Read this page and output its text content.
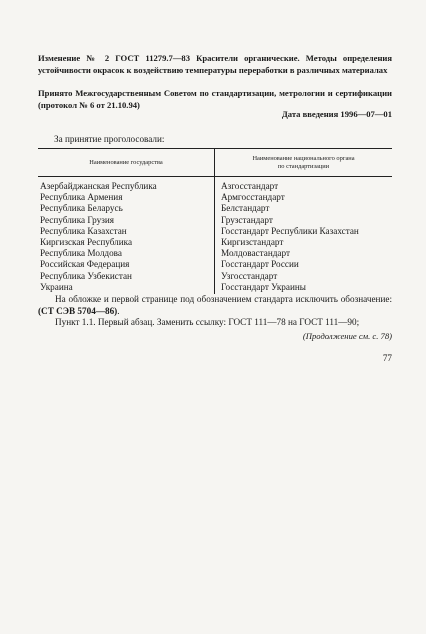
Изменение № 2 ГОСТ 11279.7—83 Красители органические. Методы определения устойчивости окрасок к воздействию температуры переработки в различных материалах
Принято Межгосударственным Советом по стандартизации, метрологии и сертификации (протокол № 6 от 21.10.94)
Дата введения 1996—07—01
За принятие проголосовали:
Наименование государства	Наименование национального органа по стандартизации
Азербайджанская Республика	Азгосстандарт
Республика Армения	Армгосстандарт
Республика Беларусь	Белстандарт
Республика Грузия	Грузстандарт
Республика Казахстан	Госстандарт Республики Казахстан
Киргизская Республика	Киргизстандарт
Республика Молдова	Молдовастандарт
Российская Федерация	Госстандарт России
Республика Узбекистан	Узгосстандарт
Украина	Госстандарт Украины
На обложке и первой странице под обозначением стандарта исключить обозначение: (СТ СЭВ 5704—86).
Пункт 1.1. Первый абзац. Заменить ссылку: ГОСТ 111—78 на ГОСТ 111—90;
(Продолжение см. с. 78)
77
